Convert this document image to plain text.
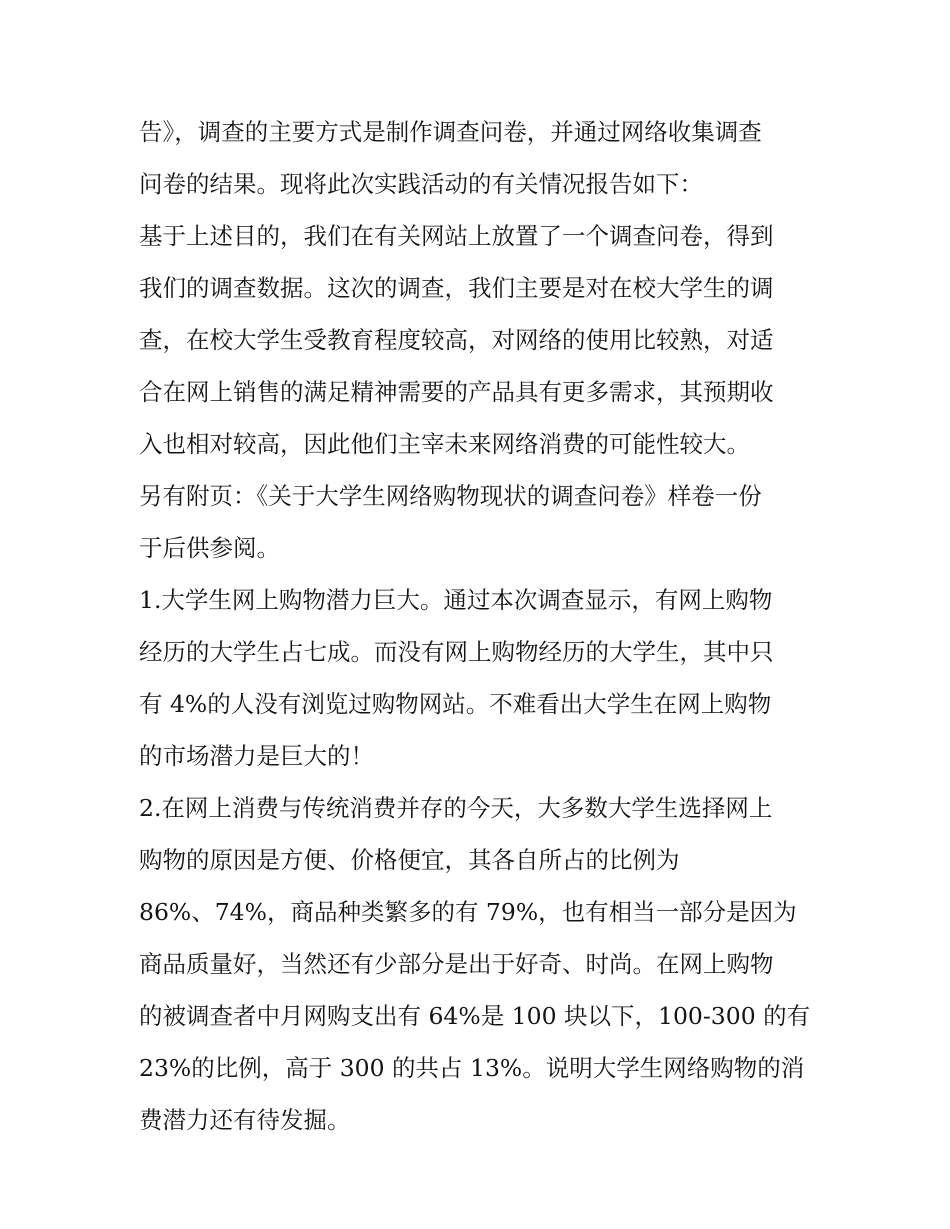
告》，调查的主要方式是制作调查问卷，并通过网络收集调查
问卷的结果。现将此次实践活动的有关情况报告如下：
基于上述目的，我们在有关网站上放置了一个调查问卷，得到
我们的调查数据。这次的调查，我们主要是对在校大学生的调
查，在校大学生受教育程度较高，对网络的使用比较熟，对适
合在网上销售的满足精神需要的产品具有更多需求，其预期收
入也相对较高，因此他们主宰未来网络消费的可能性较大。
另有附页：《关于大学生网络购物现状的调查问卷》样卷一份
于后供参阅。
1.大学生网上购物潜力巨大。通过本次调查显示，有网上购物
经历的大学生占七成。而没有网上购物经历的大学生，其中只
有 4%的人没有浏览过购物网站。不难看出大学生在网上购物
的市场潜力是巨大的！
2.在网上消费与传统消费并存的今天，大多数大学生选择网上
购物的原因是方便、价格便宜，其各自所占的比例为
86%、74%，商品种类繁多的有 79%，也有相当一部分是因为
商品质量好，当然还有少部分是出于好奇、时尚。在网上购物
的被调查者中月网购支出有 64%是 100 块以下，100-300 的有
23%的比例，高于 300 的共占 13%。说明大学生网络购物的消
费潜力还有待发掘。
